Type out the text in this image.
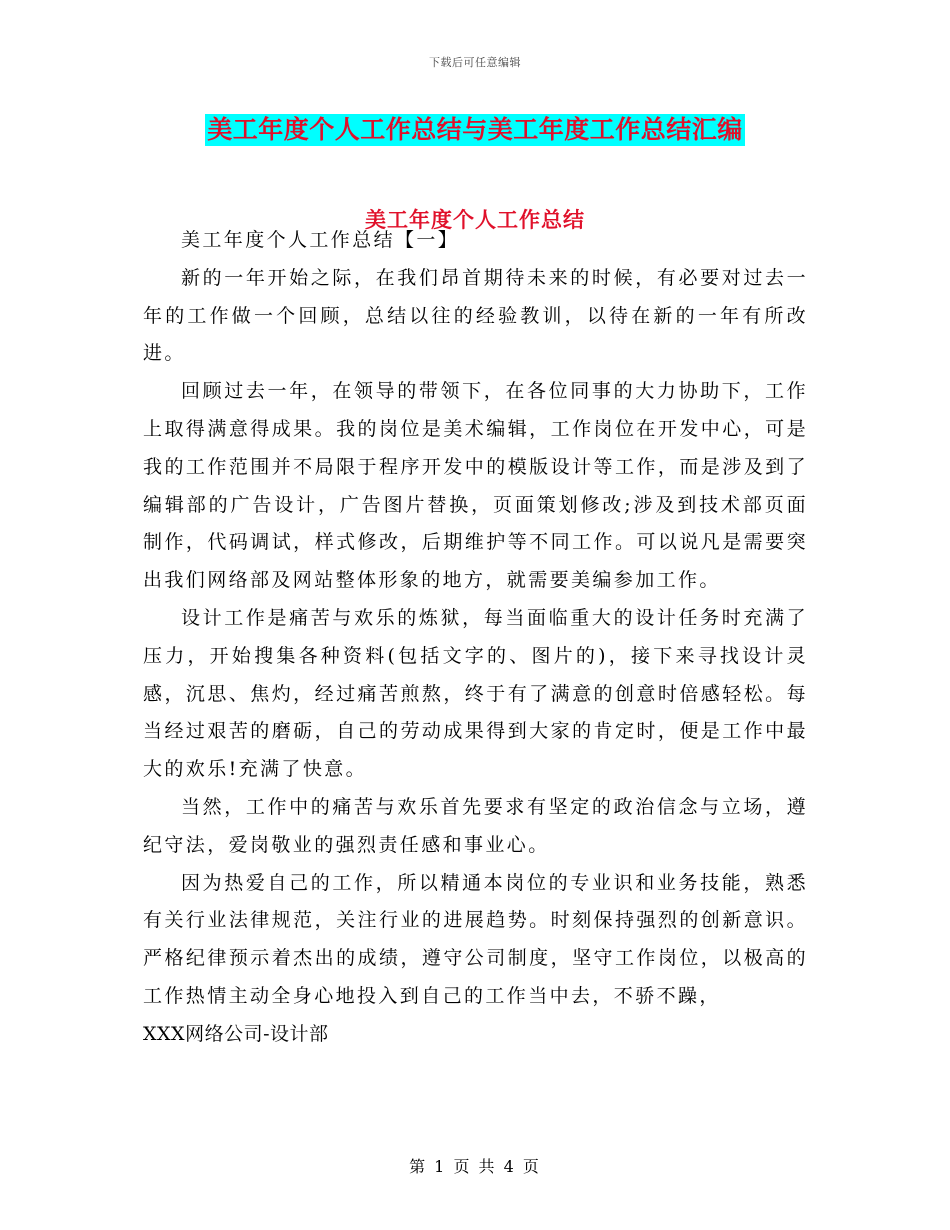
下载后可任意编辑
美工年度个人工作总结与美工年度工作总结汇编
美工年度个人工作总结

美工年度个人工作总结【一】

新的一年开始之际，在我们昂首期待未来的时候，有必要对过去一年的工作做一个回顾，总结以往的经验教训，以待在新的一年有所改进。

回顾过去一年，在领导的带领下，在各位同事的大力协助下，工作上取得满意得成果。我的岗位是美术编辑，工作岗位在开发中心，可是我的工作范围并不局限于程序开发中的模版设计等工作，而是涉及到了编辑部的广告设计，广告图片替换，页面策划修改;涉及到技术部页面制作，代码调试，样式修改，后期维护等不同工作。可以说凡是需要突出我们网络部及网站整体形象的地方，就需要美编参加工作。

设计工作是痛苦与欢乐的炼狱，每当面临重大的设计任务时充满了压力，开始搜集各种资料(包括文字的、图片的)，接下来寻找设计灵感，沉思、焦灼，经过痛苦煎熬，终于有了满意的创意时倍感轻松。每当经过艰苦的磨砺，自己的劳动成果得到大家的肯定时，便是工作中最大的欢乐!充满了快意。

当然，工作中的痛苦与欢乐首先要求有坚定的政治信念与立场，遵纪守法，爱岗敬业的强烈责任感和事业心。

因为热爱自己的工作，所以精通本岗位的专业识和业务技能，熟悉有关行业法律规范，关注行业的进展趋势。时刻保持强烈的创新意识。 严格纪律预示着杰出的成绩，遵守公司制度，坚守工作岗位，以极高的工作热情主动全身心地投入到自己的工作当中去，不骄不躁，

XXX网络公司-设计部

第 1 页 共 4 页
